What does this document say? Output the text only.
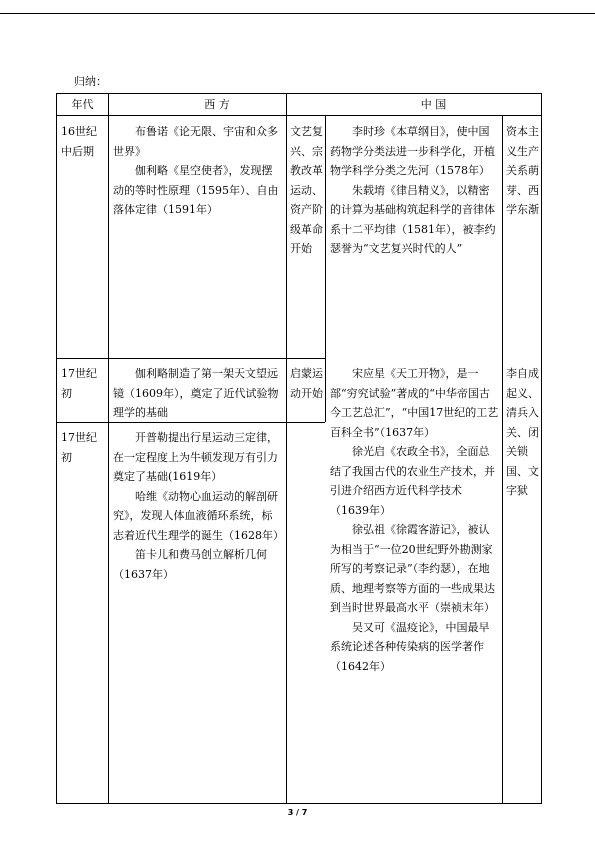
归纳：
年代	西 方	中 国
16世纪中后期

布鲁诺《论无限、宇宙和众多世界》

伽利略《星空使者》，发现摆动的等时性原理（1595年）、自由落体定律（1591年）

文艺复兴、宗教改革运动、资产阶级革命开始

李时珍《本草纲目》，使中国药物学分类法进一步科学化，开植物学科学分类之先河（1578年）

朱载堉《律吕精义》，以精密的计算为基础构筑起科学的音律体系十二平均律（1581年），被李约瑟誉为“文艺复兴时代的人”

资本主义生产关系萌芽、西学东渐
17世纪初

伽利略制造了第一架天文望远镜（1609年），奠定了近代试验物理学的基础

启蒙运动开始
17世纪初

开普勒提出行星运动三定律，在一定程度上为牛顿发现万有引力奠定了基础(1619年）

哈维《动物心血运动的解剖研究》，发现人体血液循环系统，标志着近代生理学的诞生（1628年）

笛卡儿和费马创立解析几何（1637年）

宋应星《天工开物》，是一部“穷究试验”著成的“中华帝国古今工艺总汇”，“中国17世纪的工艺百科全书”（1637年）

徐光启《农政全书》，全面总结了我国古代的农业生产技术，并引进介绍西方近代科学技术（1639年）

徐弘祖《徐霞客游记》，被认为相当于“一位20世纪野外勘测家所写的考察记录”（李约瑟），在地质、地理考察等方面的一些成果达到当时世界最高水平（崇祯末年）

吴又可《温疫论》，中国最早系统论述各种传染病的医学著作（1642年）

李自成起义、清兵入关、闭关锁国、文字狱
3 / 7
